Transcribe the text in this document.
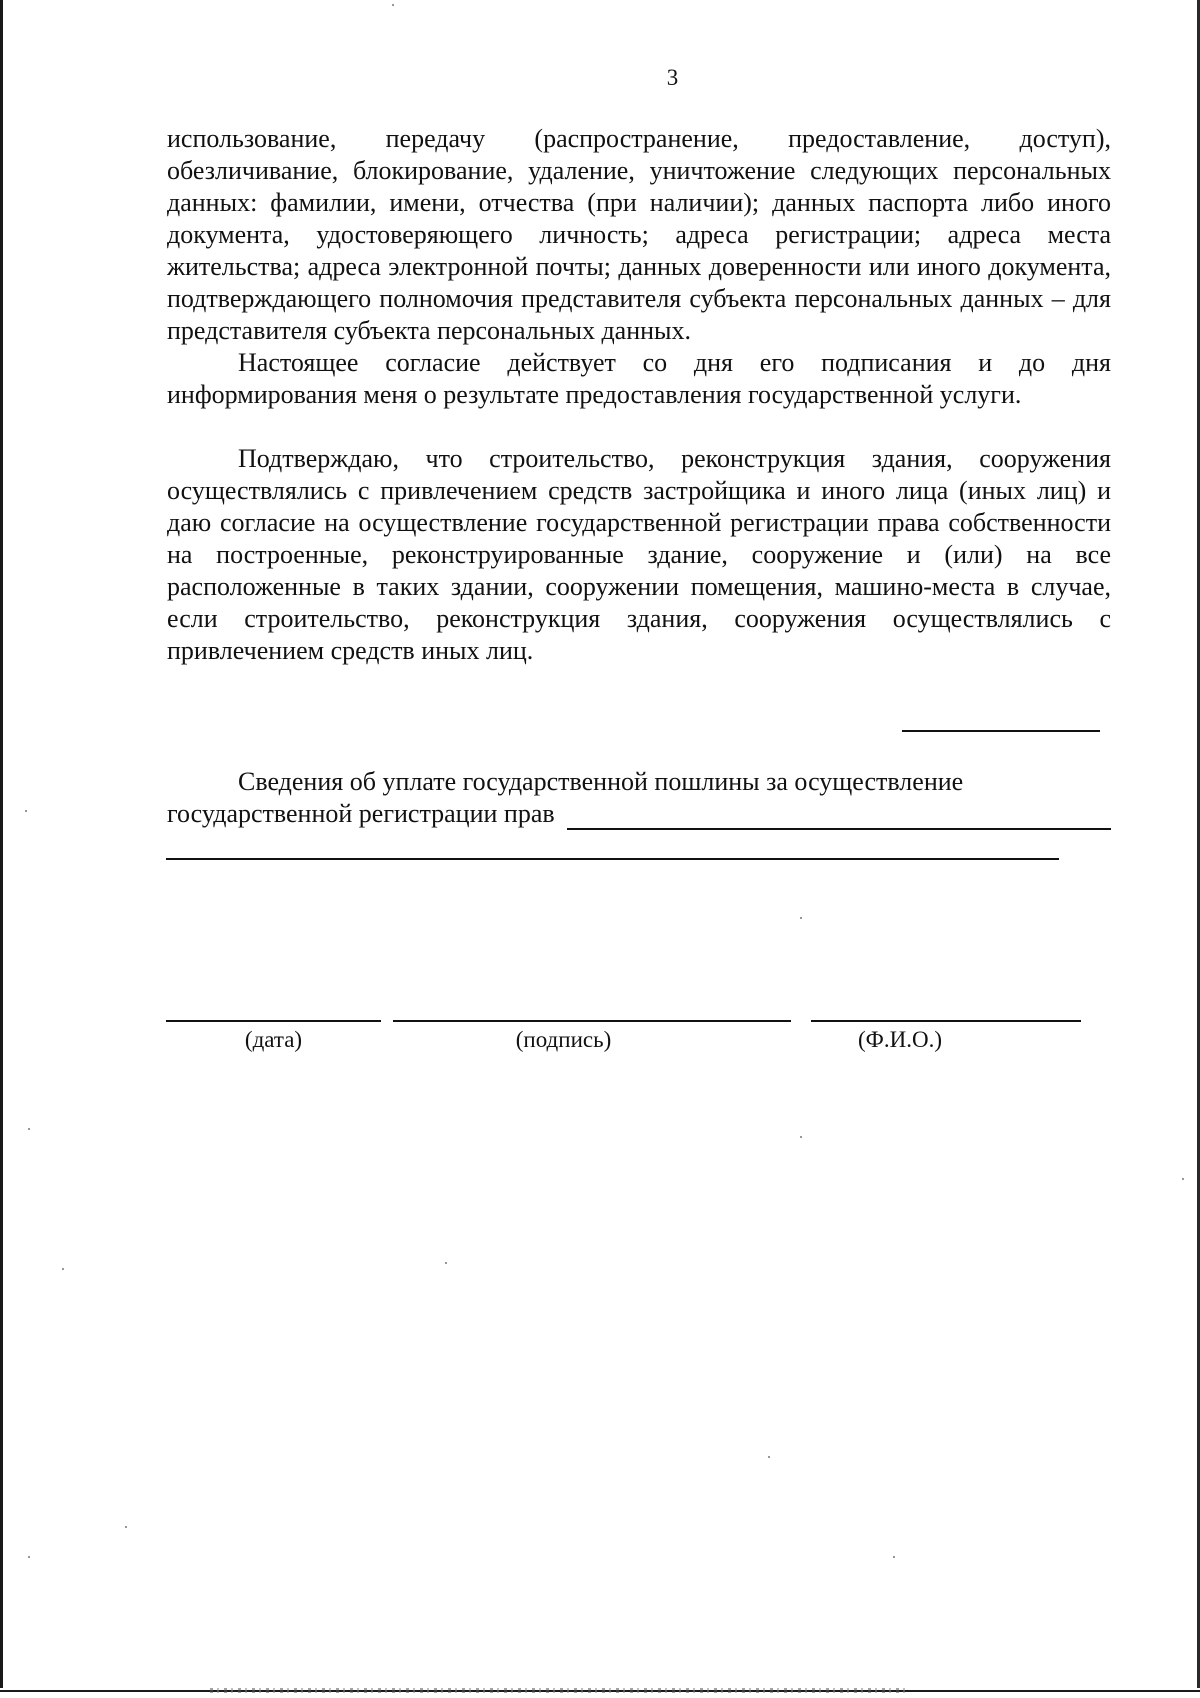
3

использование, передачу (распространение, предоставление, доступ), обезличивание, блокирование, удаление, уничтожение следующих персональных данных: фамилии, имени, отчества (при наличии); данных паспорта либо иного документа, удостоверяющего личность; адреса регистрации; адреса места жительства; адреса электронной почты; данных доверенности или иного документа, подтверждающего полномочия представителя субъекта персональных данных – для представителя субъекта персональных данных.

Настоящее согласие действует со дня его подписания и до дня информирования меня о результате предоставления государственной услуги.

Подтверждаю, что строительство, реконструкция здания, сооружения осуществлялись с привлечением средств застройщика и иного лица (иных лиц) и даю согласие на осуществление государственной регистрации права собственности на построенные, реконструированные здание, сооружение и (или) на все расположенные в таких здании, сооружении помещения, машино-места в случае, если строительство, реконструкция здания, сооружения осуществлялись с привлечением средств иных лиц.

Сведения об уплате государственной пошлины за осуществление

государственной регистрации прав
(дата)	(подпись)	(Ф.И.О.)
